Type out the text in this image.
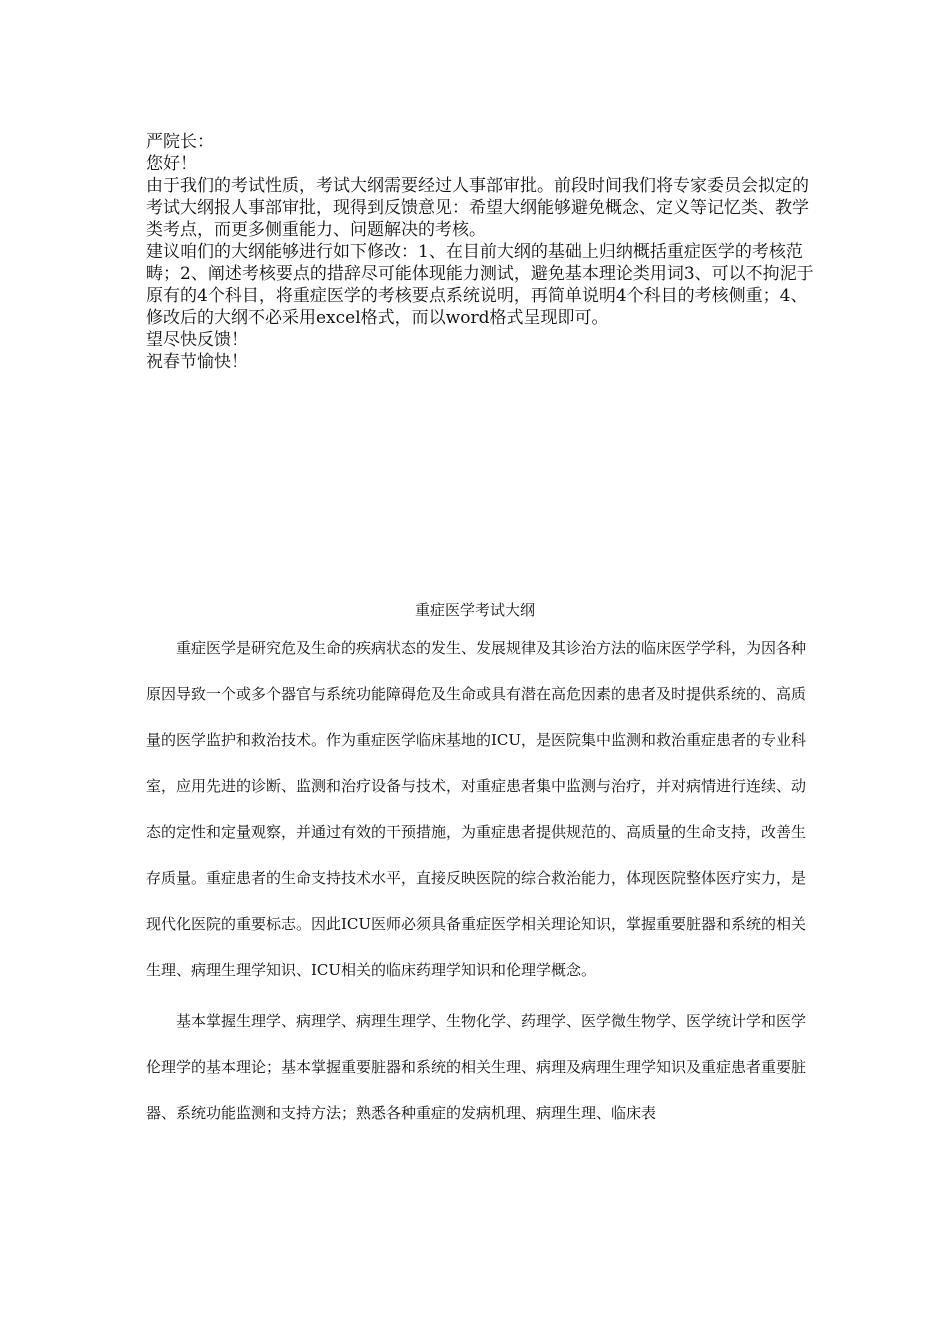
严院长：

您好！

由于我们的考试性质，考试大纲需要经过人事部审批。前段时间我们将专家委员会拟定的考试大纲报人事部审批，现得到反馈意见：希望大纲能够避免概念、定义等记忆类、教学类考点，而更多侧重能力、问题解决的考核。

建议咱们的大纲能够进行如下修改：1、在目前大纲的基础上归纳概括重症医学的考核范畴；2、阐述考核要点的措辞尽可能体现能力测试，避免基本理论类用词3、可以不拘泥于原有的4个科目，将重症医学的考核要点系统说明，再简单说明4个科目的考核侧重；4、修改后的大纲不必采用excel格式，而以word格式呈现即可。

望尽快反馈！

祝春节愉快！

重症医学考试大纲

重症医学是研究危及生命的疾病状态的发生、发展规律及其诊治方法的临床医学学科，为因各种原因导致一个或多个器官与系统功能障碍危及生命或具有潜在高危因素的患者及时提供系统的、高质量的医学监护和救治技术。作为重症医学临床基地的ICU，是医院集中监测和救治重症患者的专业科室，应用先进的诊断、监测和治疗设备与技术，对重症患者集中监测与治疗，并对病情进行连续、动态的定性和定量观察，并通过有效的干预措施，为重症患者提供规范的、高质量的生命支持，改善生存质量。重症患者的生命支持技术水平，直接反映医院的综合救治能力，体现医院整体医疗实力，是现代化医院的重要标志。因此ICU医师必须具备重症医学相关理论知识，掌握重要脏器和系统的相关生理、病理生理学知识、ICU相关的临床药理学知识和伦理学概念。

基本掌握生理学、病理学、病理生理学、生物化学、药理学、医学微生物学、医学统计学和医学伦理学的基本理论；基本掌握重要脏器和系统的相关生理、病理及病理生理学知识及重症患者重要脏器、系统功能监测和支持方法；熟悉各种重症的发病机理、病理生理、临床表
